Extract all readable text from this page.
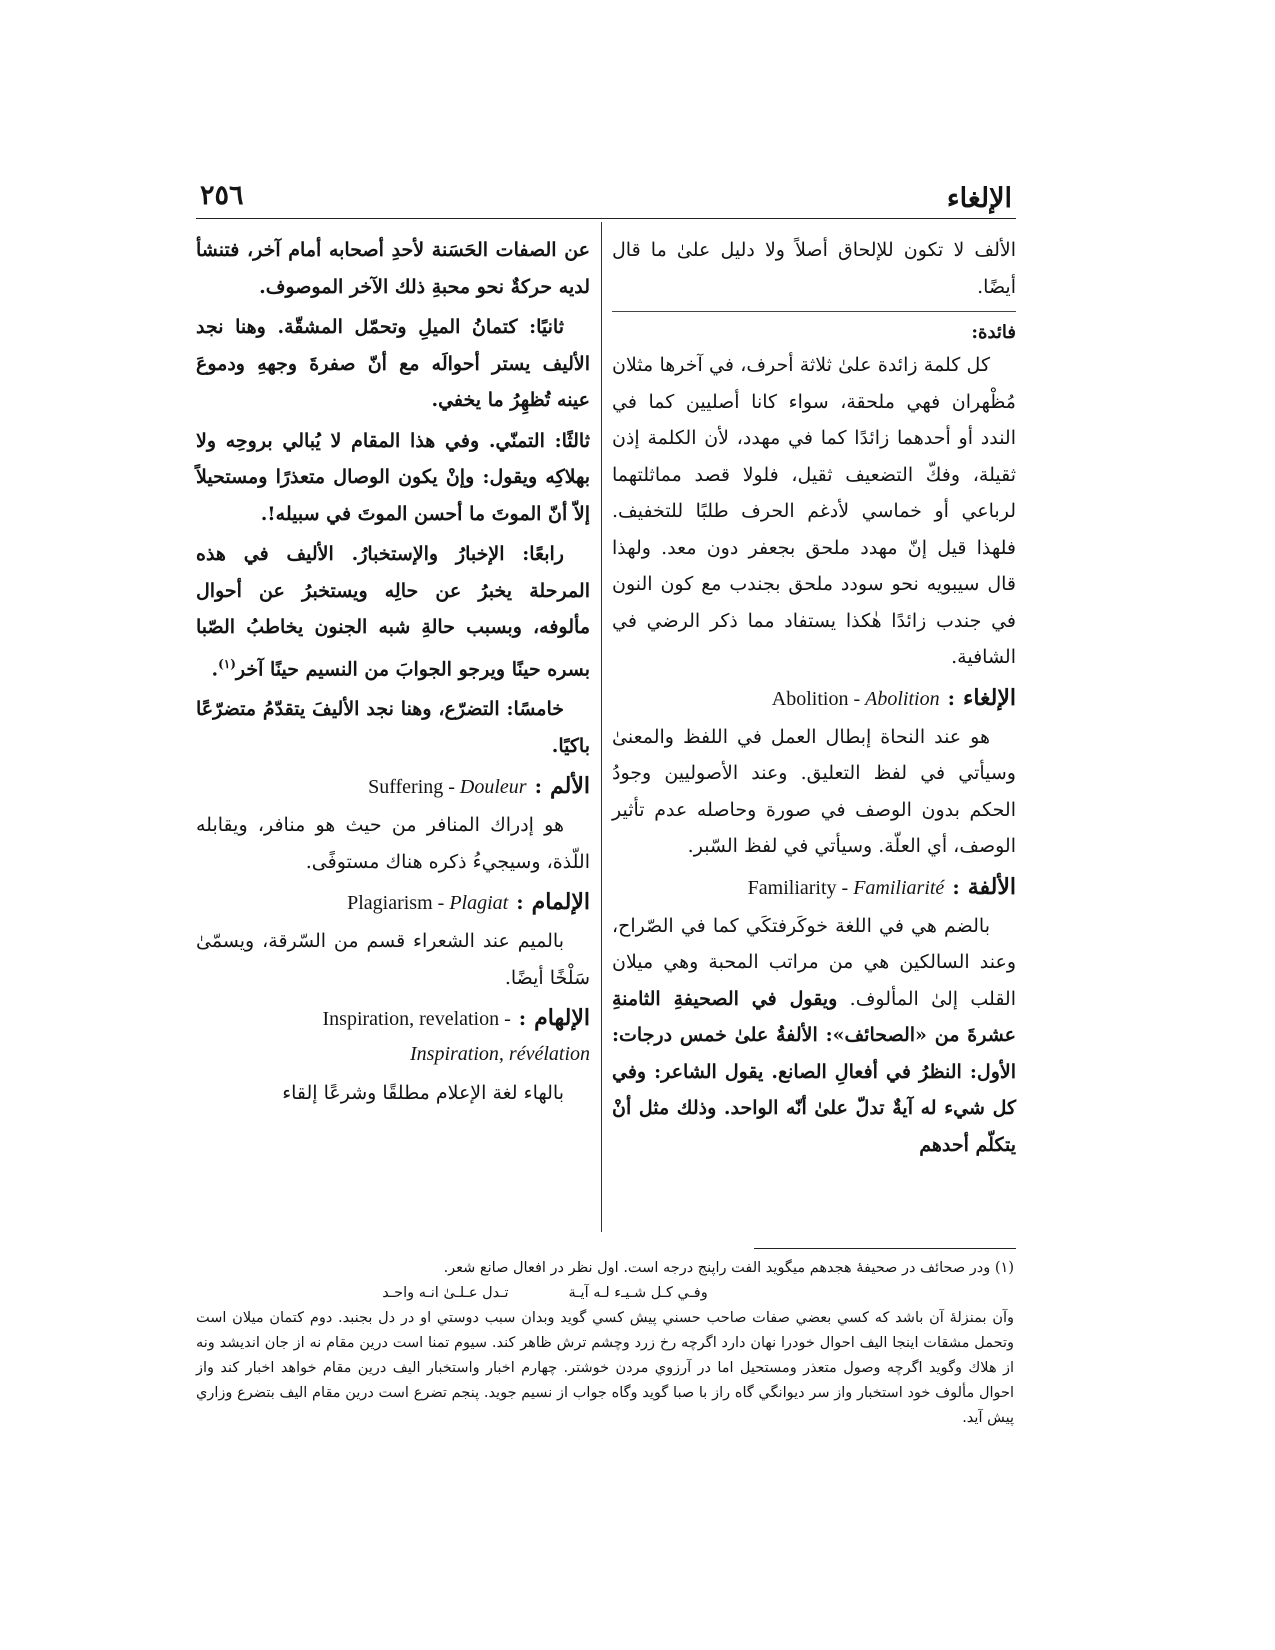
الإلغاء
٢٥٦

الألف لا تكون للإلحاق أصلاً ولا دليل علىٰ ما قال أيضًا.

فائدة:

كل كلمة زائدة علىٰ ثلاثة أحرف، في آخرها مثلان مُظْهران فهي ملحقة، سواء كانا أصليين كما في الندد أو أحدهما زائدًا كما في مهدد، لأن الكلمة إذن ثقيلة، وفكّ التضعيف ثقيل، فلولا قصد مماثلتهما لرباعي أو خماسي لأدغم الحرف طلبًا للتخفيف. فلهذا قيل إنّ مهدد ملحق بجعفر دون معد. ولهذا قال سيبويه نحو سودد ملحق بجندب مع كون النون في جندب زائدًا هٰكذا يستفاد مما ذكر الرضي في الشافية.

الإلغاء
:
Abolition - Abolition

هو عند النحاة إبطال العمل في اللفظ والمعنىٰ وسيأتي في لفظ التعليق. وعند الأصوليين وجودُ الحكم بدون الوصف في صورة وحاصله عدم تأثير الوصف، أي العلّة. وسيأتي في لفظ السّبر.

الألفة
:
Familiarity - Familiarité

بالضم هي في اللغة خوكَرفتكَي كما في الصّراح، وعند السالكين هي من مراتب المحبة وهي ميلان القلب إلىٰ المألوف. ويقول في الصحيفةِ الثامنةِ عشرةَ من «الصحائف»: الألفةُ علىٰ خمس درجات: الأول: النظرُ في أفعالِ الصانع. يقول الشاعر: وفي كل شيء له آيةٌ تدلّ علىٰ أنّه الواحد. وذلك مثل أنْ يتكلّم أحدهم

عن الصفات الحَسَنة لأحدِ أصحابه أمام آخر، فتنشأ لديه حركةٌ نحو محبةِ ذلك الآخر الموصوف.

ثانيًا: كتمانُ الميلِ وتحمّل المشقّة. وهنا نجد الأليف يستر أحوالَه مع أنّ صفرةَ وجههِ ودموعَ عينه تُظهِرُ ما يخفي.

ثالثًا: التمنّي. وفي هذا المقام لا يُبالي بروحِه ولا بهلاكِه ويقول: وإنْ يكون الوصال متعذرًا ومستحيلاً إلاّ أنّ الموتَ ما أحسن الموتَ في سبيله!.

رابعًا: الإخبارُ والإستخبارُ. الأليف في هذه المرحلة يخبرُ عن حالِه ويستخبرُ عن أحوال مألوفه، وبسبب حالةِ شبه الجنون يخاطبُ الصّبا بسره حينًا ويرجو الجوابَ من النسيم حينًا آخر$^{(١)}$.

خامسًا: التضرّع، وهنا نجد الأليفَ يتقدّمُ متضرّعًا باكيًا.

الألم
:
Suffering - Douleur

هو إدراك المنافر من حيث هو منافر، ويقابله اللّذة، وسيجيءُ ذكره هناك مستوفًى.

الإلمام
:
Plagiarism - Plagiat

بالميم عند الشعراء قسم من السّرقة، ويسمّىٰ سَلْخًا أيضًا.

الإلهام
:
Inspiration, revelation -
Inspiration, révélation

بالهاء لغة الإعلام مطلقًا وشرعًا إلقاء

(١) ودر صحائف در صحيفهٔ هجدهم ميگويد الفت راپنج درجه است. اول نظر در افعال صانع شعر.

وفـي كـل شـيـء لـه آيـة
تـدل عـلـىٰ انـه واحـد

وآن بمنزلهٔ آن باشد كه كسي بعضي صفات صاحب حسني پيش كسي گويد وبدان سبب دوستي او در دل بجنبد. دوم كتمان ميلان است وتحمل مشقات اينجا اليف احوال خودرا نهان دارد اگرچه رخ زرد وچشم ترش ظاهر كند. سيوم تمنا است درين مقام نه از جان انديشد ونه از هلاك وگويد اگرچه وصول متعذر ومستحيل اما در آرزوي مردن خوشتر. چهارم اخبار واستخبار اليف درين مقام خواهد اخبار كند واز احوال مألوف خود استخبار واز سر ديوانگي گاه راز با صبا گويد وگاه جواب از نسيم جويد. پنجم تضرع است درين مقام اليف بتضرع وزاري پيش آيد.
